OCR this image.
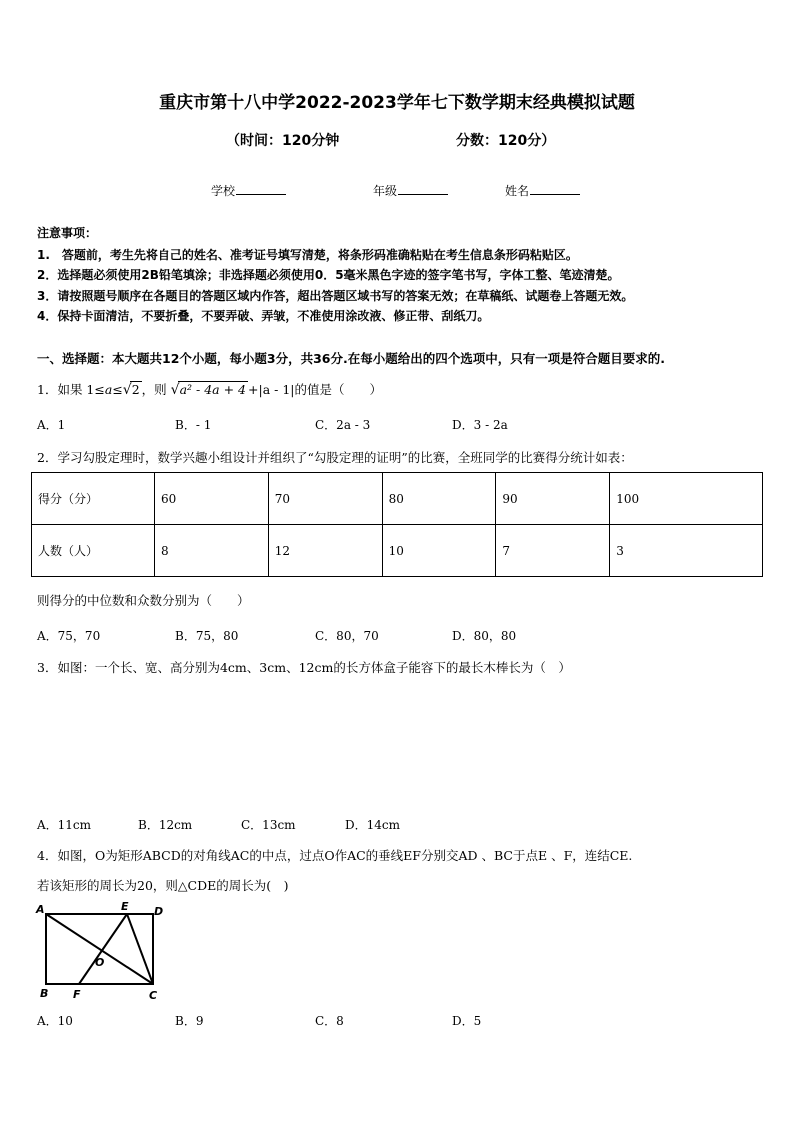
重庆市第十八中学2022-2023学年七下数学期末经典模拟试题
（时间：120分钟	分数：120分）
学校	年级	姓名
注意事项：
1.　答题前，考生先将自己的姓名、准考证号填写清楚，将条形码准确粘贴在考生信息条形码粘贴区。
2．选择题必须使用2B铅笔填涂；非选择题必须使用0．5毫米黑色字迹的签字笔书写，字体工整、笔迹清楚。
3．请按照题号顺序在各题目的答题区域内作答，超出答题区域书写的答案无效；在草稿纸、试题卷上答题无效。
4．保持卡面清洁，不要折叠，不要弄破、弄皱，不准使用涂改液、修正带、刮纸刀。
一、选择题：本大题共12个小题，每小题3分，共36分.在每小题给出的四个选项中，只有一项是符合题目要求的.
1．如果 1≤a≤√2 ，则 √a² - 4a + 4 +|a - 1|的值是（　　）
A．1	B．- 1	C．2a - 3	D．3 - 2a
2．学习勾股定理时，数学兴趣小组设计并组织了“勾股定理的证明”的比赛，全班同学的比赛得分统计如表：
得分（分）	60	70	80	90	100
人数（人）	8	12	10	7	3
则得分的中位数和众数分别为（　　）
A．75，70	B．75，80	C．80，70	D．80，80
3．如图：一个长、宽、高分别为4cm、3cm、12cm的长方体盒子能容下的最长木棒长为（　）
A．11cm	B．12cm	C．13cm	D．14cm
4．如图，O为矩形ABCD的对角线AC的中点，过点O作AC的垂线EF分别交AD 、BC于点E 、F，连结CE.
若该矩形的周长为20，则△CDE的周长为(　)
A	E D
O
B F	C
A．10	B．9	C．8	D．5
